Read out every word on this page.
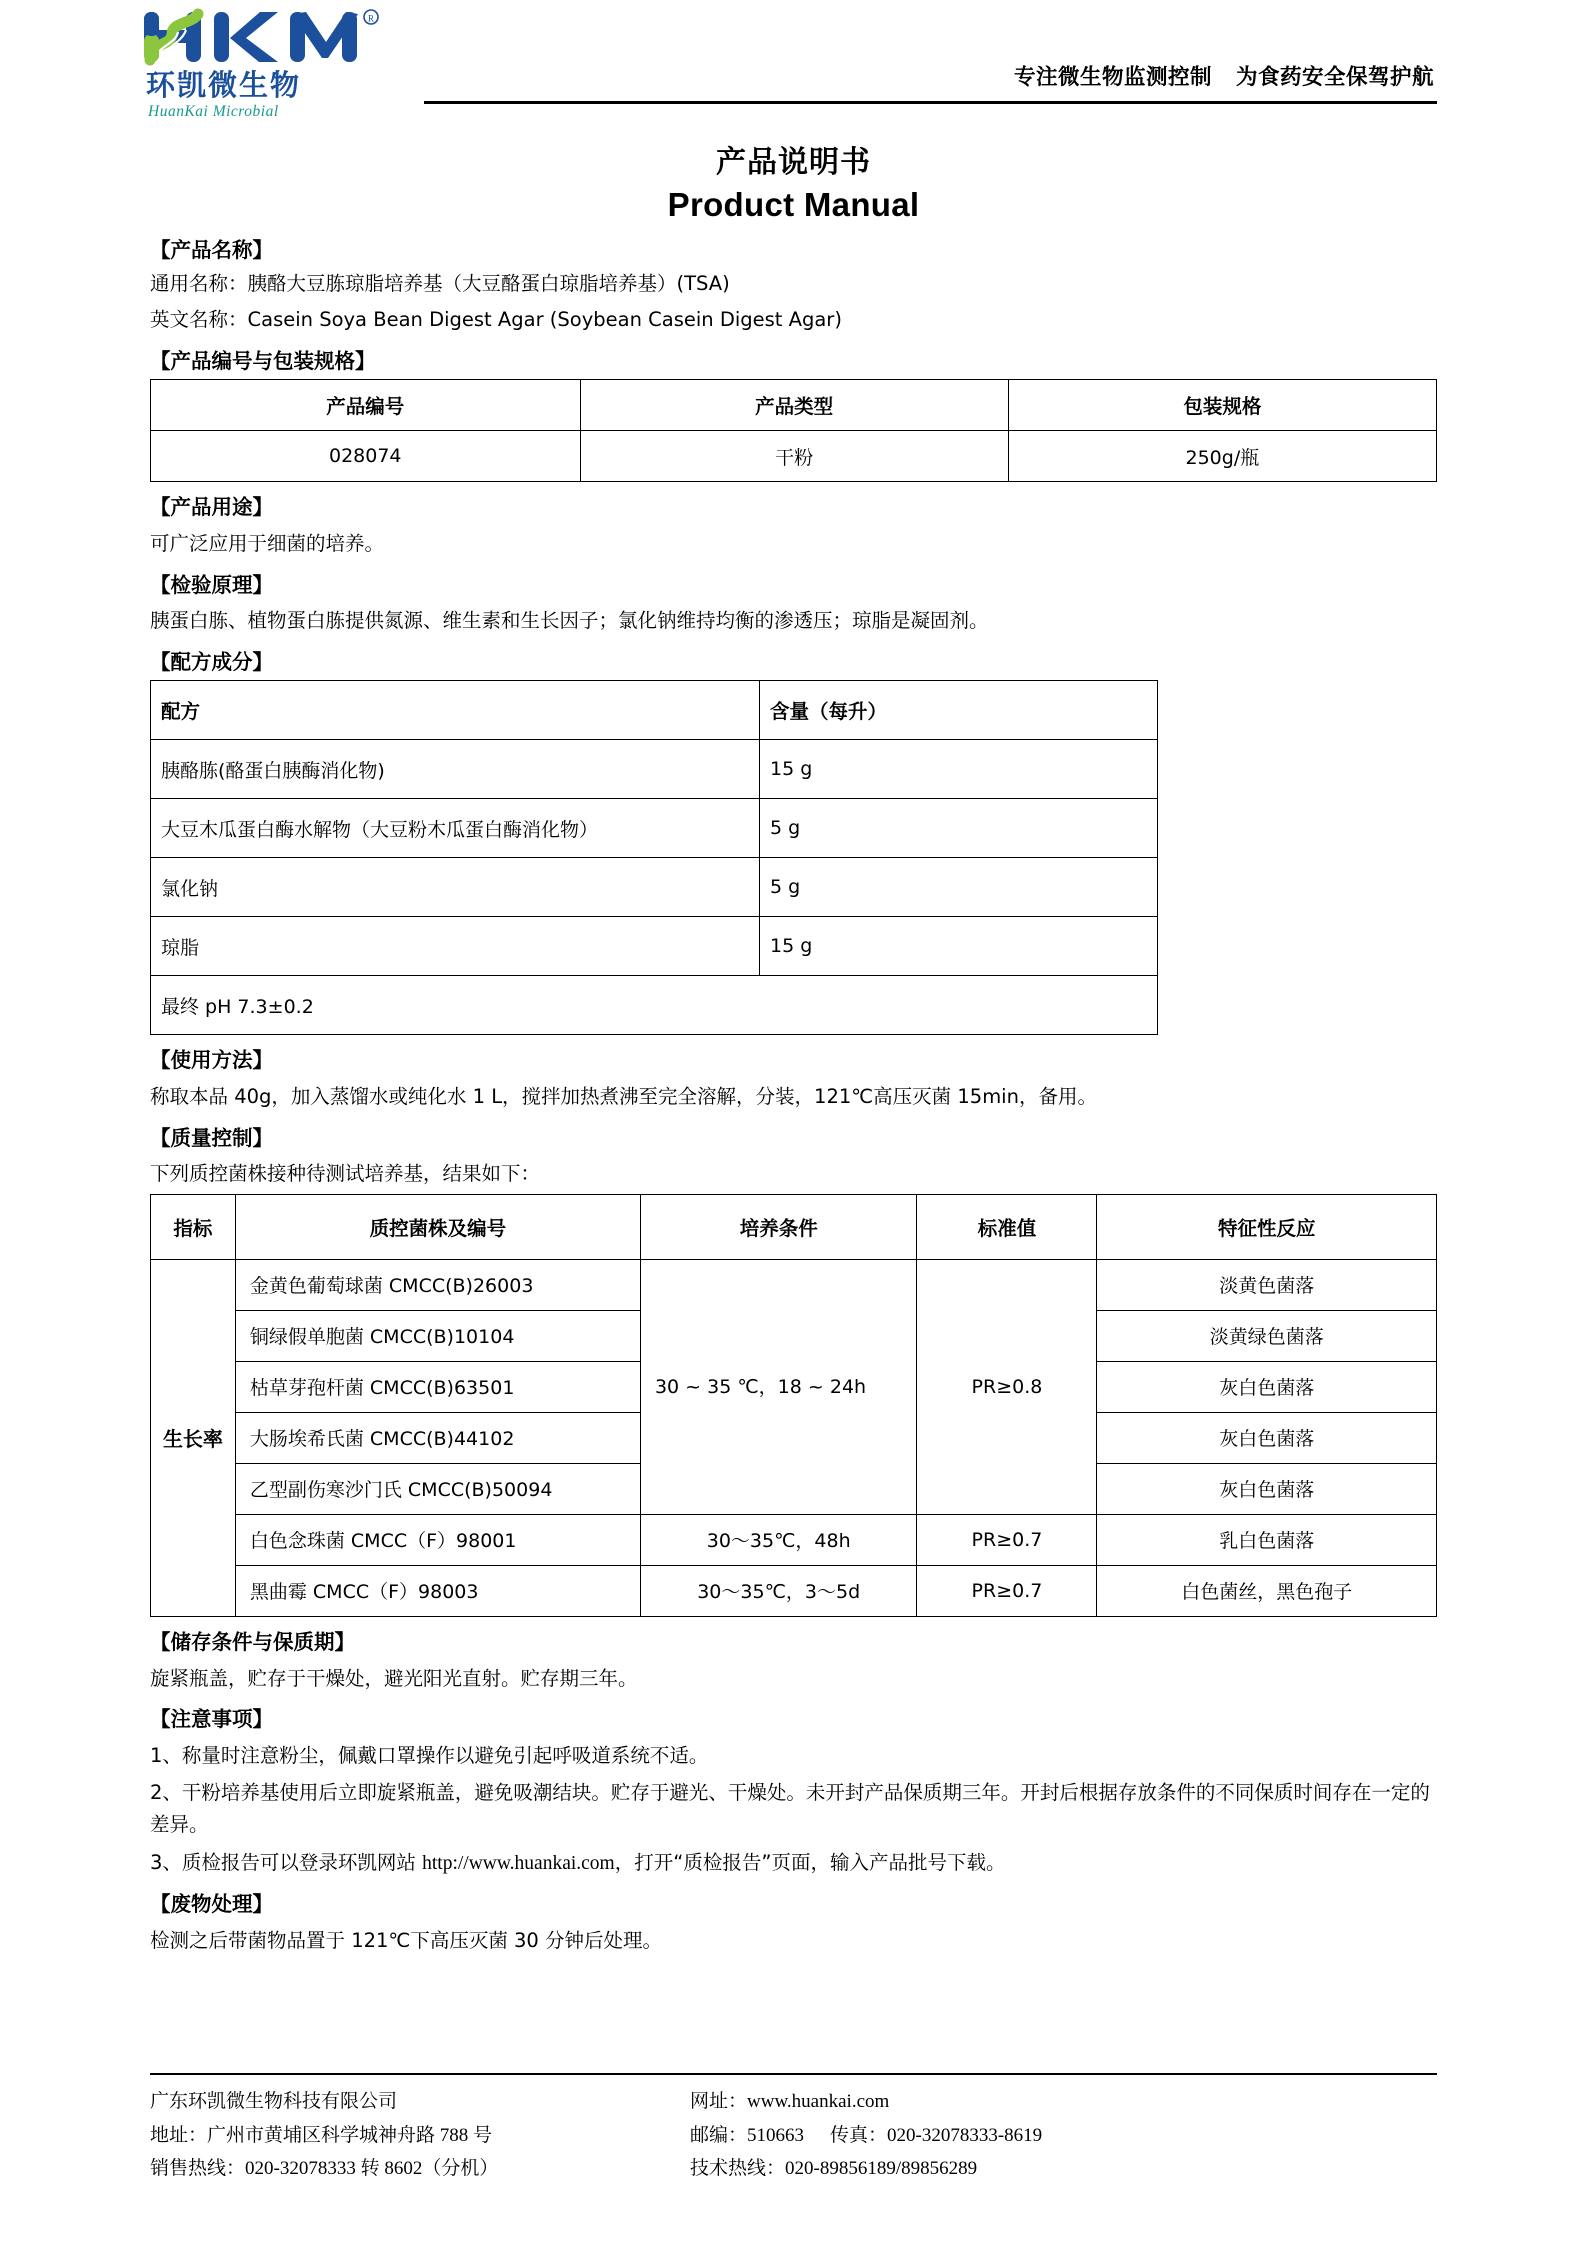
R
环凯微生物
HuanKai Microbial
专注微生物监测控制   为食药安全保驾护航
产品说明书
Product Manual
【产品名称】
通用名称：胰酪大豆胨琼脂培养基（大豆酪蛋白琼脂培养基）(TSA)
英文名称：Casein Soya Bean Digest Agar (Soybean Casein Digest Agar)
【产品编号与包装规格】
产品编号	产品类型	包装规格
028074	干粉	250g/瓶
【产品用途】
可广泛应用于细菌的培养。
【检验原理】
胰蛋白胨、植物蛋白胨提供氮源、维生素和生长因子；氯化钠维持均衡的渗透压；琼脂是凝固剂。
【配方成分】
配方	含量（每升）
胰酪胨(酪蛋白胰酶消化物)	15 g
大豆木瓜蛋白酶水解物（大豆粉木瓜蛋白酶消化物）	5 g
氯化钠	5 g
琼脂	15 g
最终 pH 7.3±0.2	
【使用方法】
称取本品 40g，加入蒸馏水或纯化水 1 L，搅拌加热煮沸至完全溶解，分装，121℃高压灭菌 15min，备用。
【质量控制】
下列质控菌株接种待测试培养基，结果如下：
指标	质控菌株及编号	培养条件	标准值	特征性反应
生长率	金黄色葡萄球菌 CMCC(B)26003	30 ~ 35 ℃，18 ~ 24h	PR≥0.8	淡黄色菌落
	铜绿假单胞菌 CMCC(B)10104			淡黄绿色菌落
	枯草芽孢杆菌 CMCC(B)63501			灰白色菌落
	大肠埃希氏菌 CMCC(B)44102			灰白色菌落
	乙型副伤寒沙门氏 CMCC(B)50094			灰白色菌落
	白色念珠菌 CMCC（F）98001	30～35℃，48h	PR≥0.7	乳白色菌落
	黑曲霉 CMCC（F）98003	30～35℃，3～5d	PR≥0.7	白色菌丝，黑色孢子
【储存条件与保质期】
旋紧瓶盖，贮存于干燥处，避光阳光直射。贮存期三年。
【注意事项】
1、称量时注意粉尘，佩戴口罩操作以避免引起呼吸道系统不适。
2、干粉培养基使用后立即旋紧瓶盖，避免吸潮结块。贮存于避光、干燥处。未开封产品保质期三年。开封后根据存放条件的不同保质时间存在一定的差异。
3、质检报告可以登录环凯网站 http://www.huankai.com，打开“质检报告”页面，输入产品批号下载。
【废物处理】
检测之后带菌物品置于 121℃下高压灭菌 30 分钟后处理。
广东环凯微生物科技有限公司
地址：广州市黄埔区科学城神舟路 788 号
销售热线：020-32078333 转 8602（分机）
网址：www.huankai.com
邮编：510663 传真：020-32078333-8619
技术热线：020-89856189/89856289
